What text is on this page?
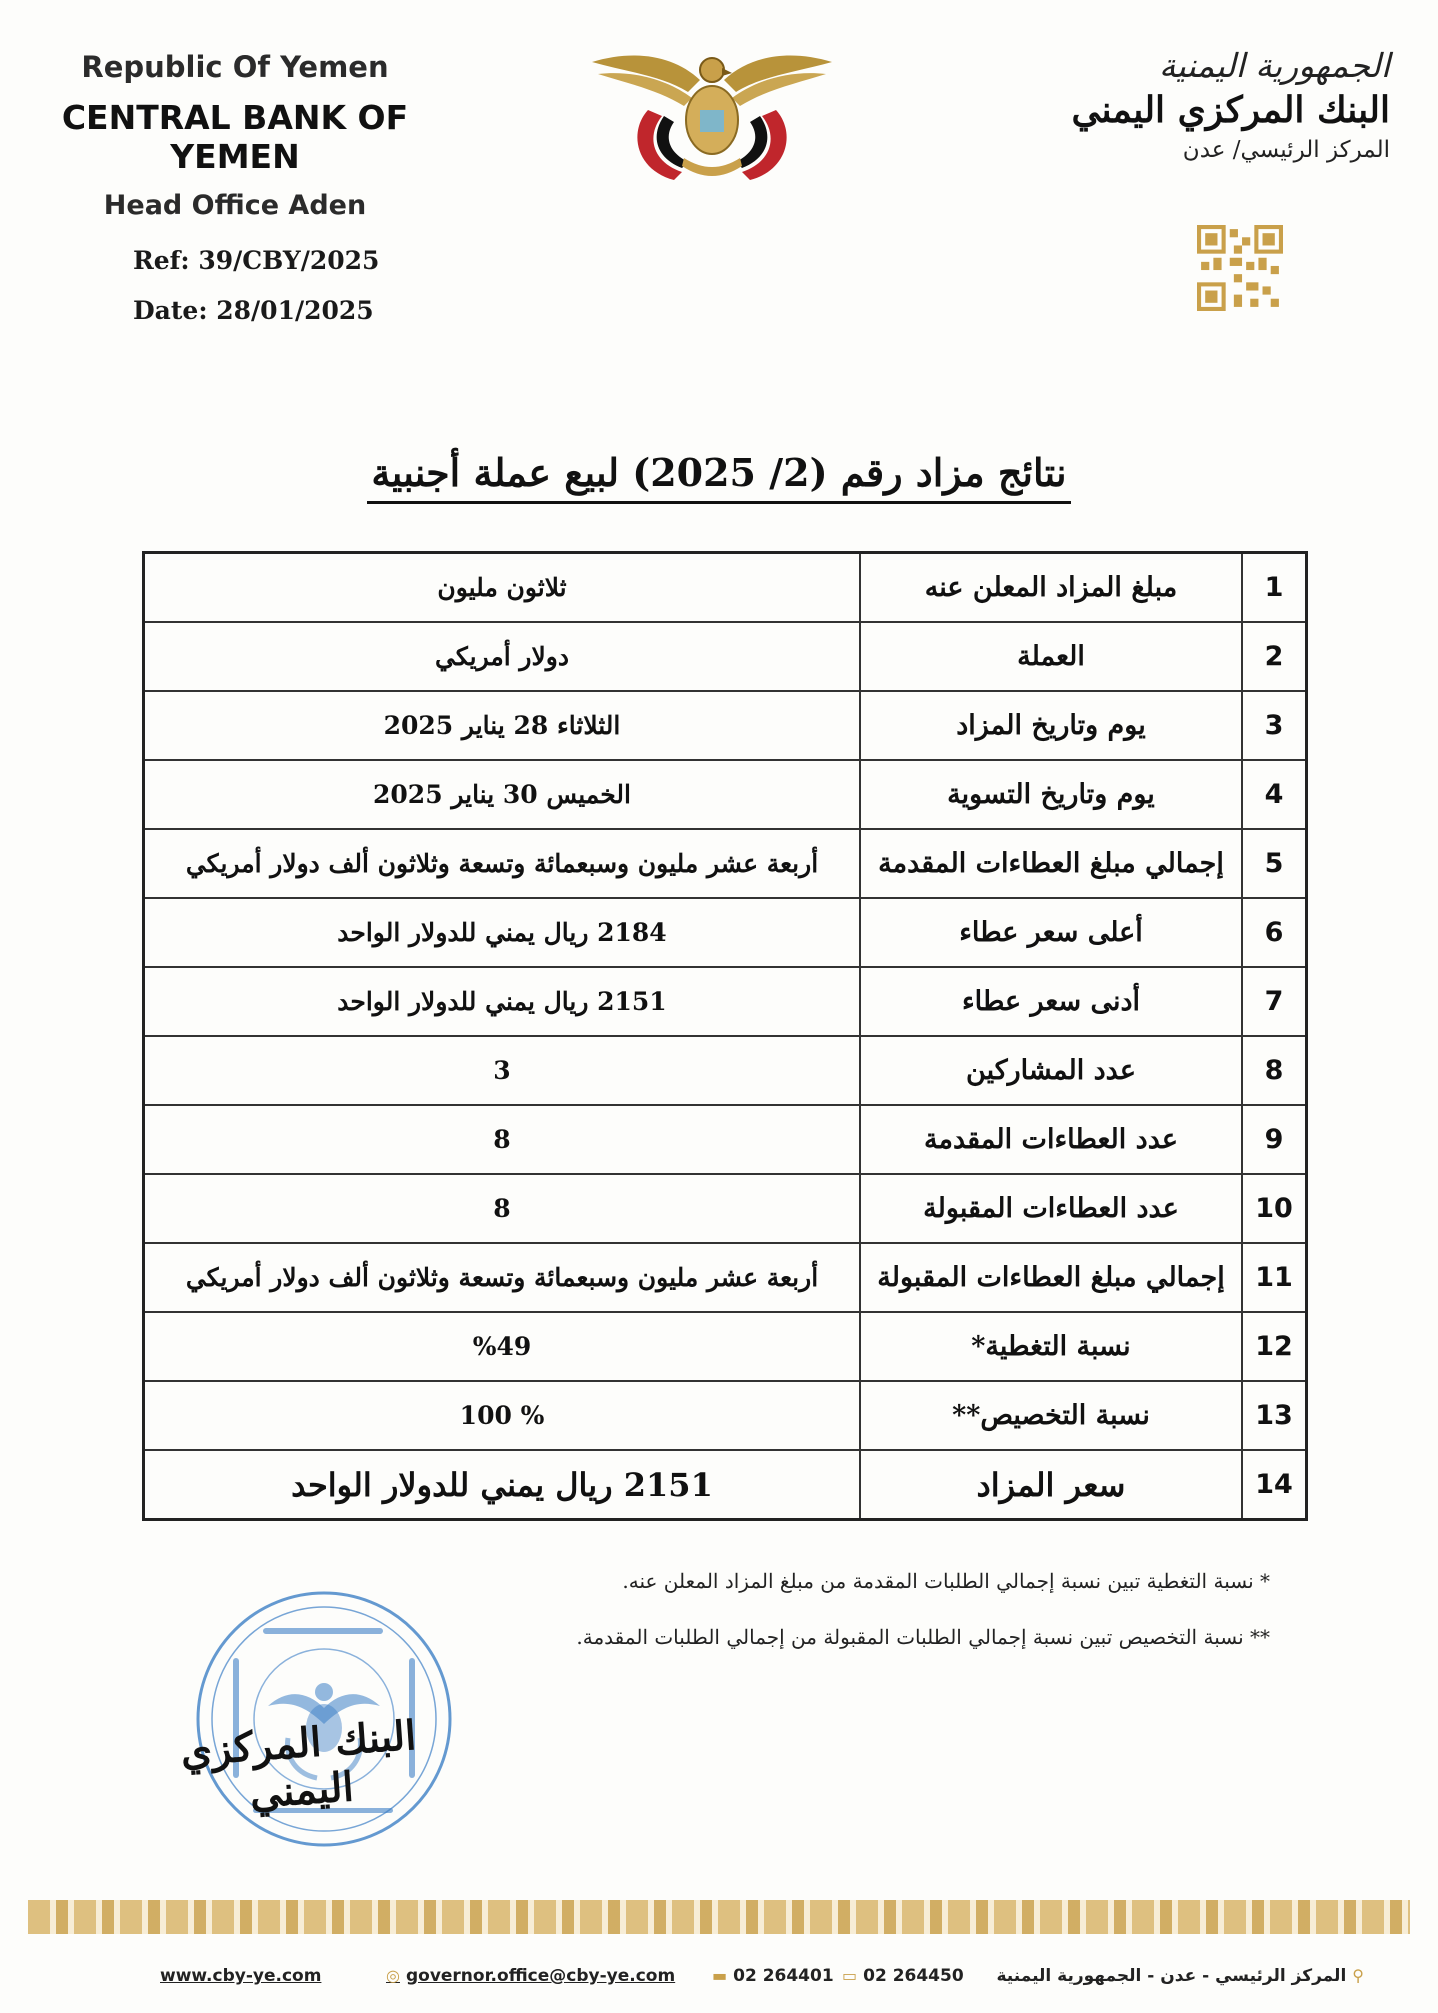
Republic Of Yemen
CENTRAL BANK OF YEMEN
Head Office Aden
Ref: 39/CBY/2025
Date: 28/01/2025
الجمهورية اليمنية
البنك المركزي اليمني
المركز الرئيسي/ عدن
نتائج مزاد رقم (2/ 2025) لبيع عملة أجنبية
1	مبلغ المزاد المعلن عنه	ثلاثون مليون
2	العملة	دولار أمريكي
3	يوم وتاريخ المزاد	الثلاثاء 28 يناير 2025
4	يوم وتاريخ التسوية	الخميس 30 يناير 2025
5	إجمالي مبلغ العطاءات المقدمة	أربعة عشر مليون وسبعمائة وتسعة وثلاثون ألف دولار أمريكي
6	أعلى سعر عطاء	2184 ريال يمني للدولار الواحد
7	أدنى سعر عطاء	2151 ريال يمني للدولار الواحد
8	عدد المشاركين	3
9	عدد العطاءات المقدمة	8
10	عدد العطاءات المقبولة	8
11	إجمالي مبلغ العطاءات المقبولة	أربعة عشر مليون وسبعمائة وتسعة وثلاثون ألف دولار أمريكي
12	نسبة التغطية*	%49
13	نسبة التخصيص**	% 100
14	سعر المزاد	2151 ريال يمني للدولار الواحد
* نسبة التغطية تبين نسبة إجمالي الطلبات المقدمة من مبلغ المزاد المعلن عنه.
** نسبة التخصيص تبين نسبة إجمالي الطلبات المقبولة من إجمالي الطلبات المقدمة.
البنك المركزي اليمني
www.cby-ye.com	◎ governor.office@cby-ye.com	▬ 02 264401 ▭ 02 264450	⚲المركز الرئيسي - عدن - الجمهورية اليمنية
